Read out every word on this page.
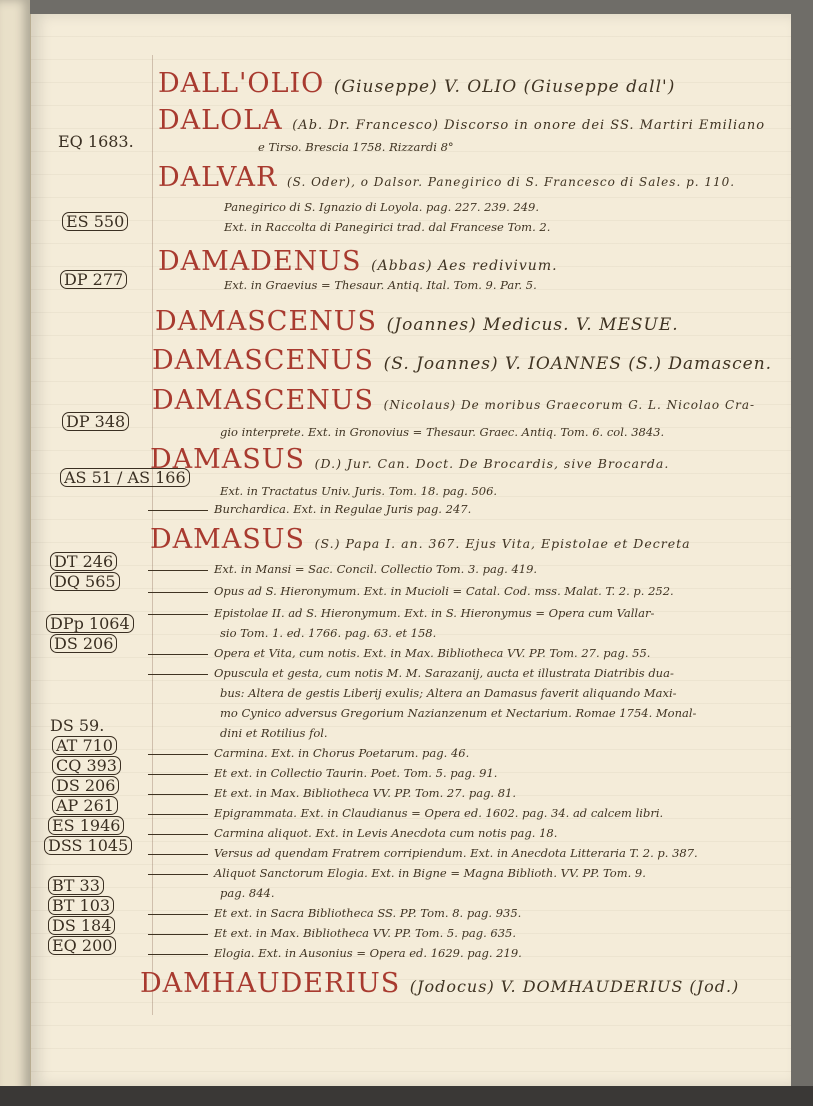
DALL'OLIO (Giuseppe) V. OLIO (Giuseppe dall')
EQ 1683.
DALOLA (Ab. Dr. Francesco) Discorso in onore dei SS. Martiri Emiliano
e Tirso. Brescia 1758. Rizzardi 8°
ES 550
DALVAR (S. Oder), o Dalsor. Panegirico di S. Francesco di Sales. p. 110.
Panegirico di S. Ignazio di Loyola. pag. 227. 239. 249.
Ext. in Raccolta di Panegirici trad. dal Francese Tom. 2.
DP 277
DAMADENUS (Abbas) Aes redivivum.
Ext. in Graevius = Thesaur. Antiq. Ital. Tom. 9. Par. 5.
DAMASCENUS (Joannes) Medicus. V. MESUE.
DAMASCENUS (S. Joannes) V. IOANNES (S.) Damascen.
DP 348
DAMASCENUS (Nicolaus) De moribus Graecorum G. L. Nicolao Cra-
gio interprete. Ext. in Gronovius = Thesaur. Graec. Antiq. Tom. 6. col. 3843.
AS 51 / AS 166
DAMASUS (D.) Jur. Can. Doct. De Brocardis, sive Brocarda.
Ext. in Tractatus Univ. Juris. Tom. 18. pag. 506.
Burchardica. Ext. in Regulae Juris pag. 247.
DAMASUS (S.) Papa I. an. 367. Ejus Vita, Epistolae et Decreta
Ext. in Mansi = Sac. Concil. Collectio Tom. 3. pag. 419.
Opus ad S. Hieronymum. Ext. in Mucioli = Catal. Cod. mss. Malat. T. 2. p. 252.
Epistolae II. ad S. Hieronymum. Ext. in S. Hieronymus = Opera cum Vallar-
sio Tom. 1. ed. 1766. pag. 63. et 158.
Opera et Vita, cum notis. Ext. in Max. Bibliotheca VV. PP. Tom. 27. pag. 55.
Opuscula et gesta, cum notis M. M. Sarazanij, aucta et illustrata Diatribis dua-
bus: Altera de gestis Liberij exulis; Altera an Damasus faverit aliquando Maxi-
mo Cynico adversus Gregorium Nazianzenum et Nectarium. Romae 1754. Monal-
dini et Rotilius fol.
Carmina. Ext. in Chorus Poetarum. pag. 46.
Et ext. in Collectio Taurin. Poet. Tom. 5. pag. 91.
Et ext. in Max. Bibliotheca VV. PP. Tom. 27. pag. 81.
Epigrammata. Ext. in Claudianus = Opera ed. 1602. pag. 34. ad calcem libri.
Carmina aliquot. Ext. in Levis Anecdota cum notis pag. 18.
Versus ad quendam Fratrem corripiendum. Ext. in Anecdota Litteraria T. 2. p. 387.
Aliquot Sanctorum Elogia. Ext. in Bigne = Magna Biblioth. VV. PP. Tom. 9.
pag. 844.
Et ext. in Sacra Bibliotheca SS. PP. Tom. 8. pag. 935.
Et ext. in Max. Bibliotheca VV. PP. Tom. 5. pag. 635.
Elogia. Ext. in Ausonius = Opera ed. 1629. pag. 219.
DT 246
DQ 565
DPp 1064
DS 206
DS 59.
AT 710
CQ 393
DS 206
AP 261
ES 1946
DSS 1045
BT 33
BT 103
DS 184
EQ 200
DAMHAUDERIUS (Jodocus) V. DOMHAUDERIUS (Jod.)
